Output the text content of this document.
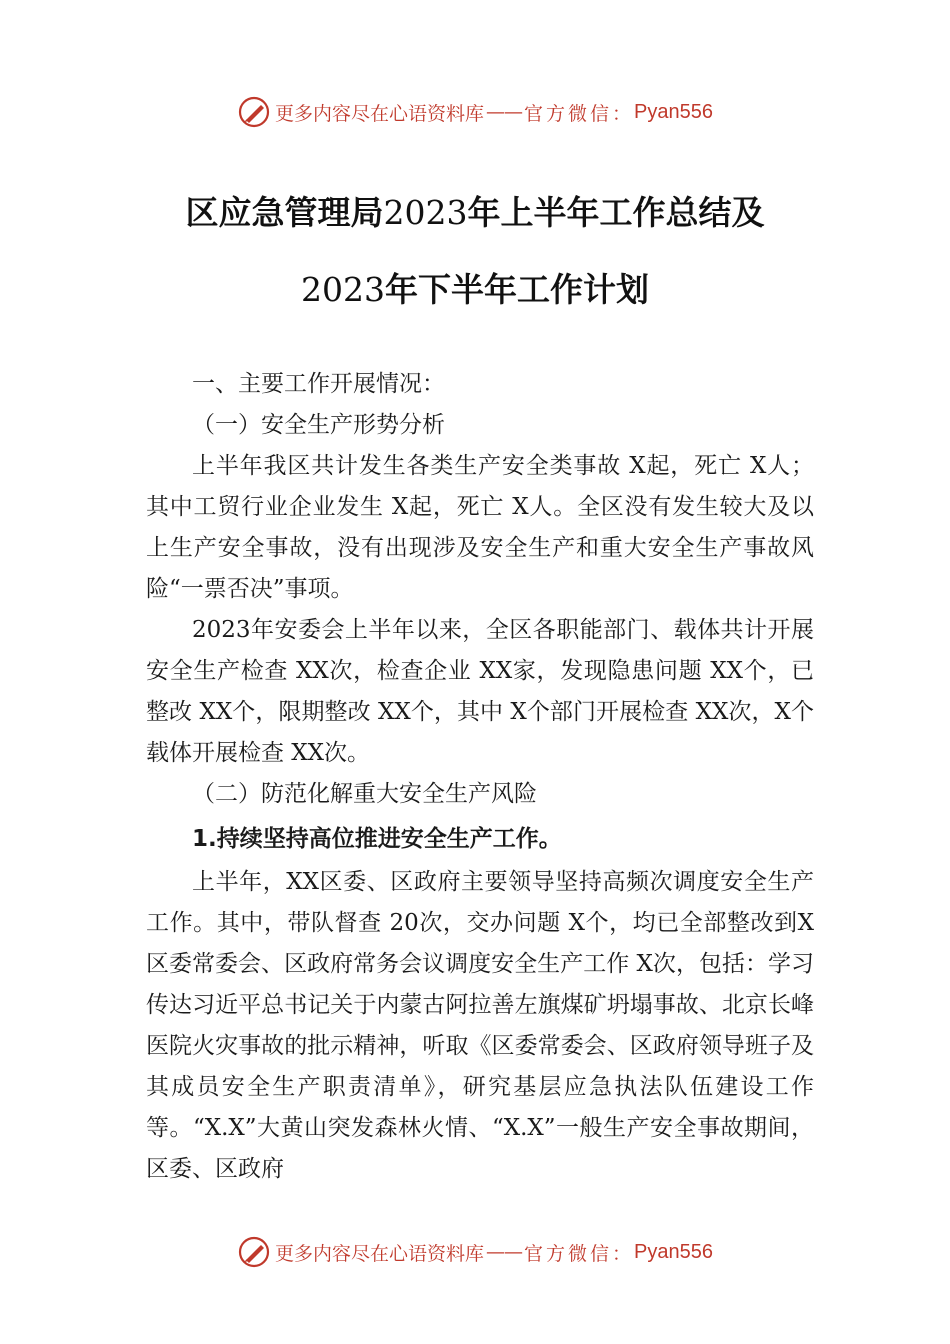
更多内容尽在心语资料库 —— 官方微信： Pyan556
区应急管理局2023年上半年工作总结及
2023年下半年工作计划

一、主要工作开展情况：

（一）安全生产形势分析

上半年我区共计发生各类生产安全类事故 X起，死亡 X人；其中工贸行业企业发生 X起，死亡 X人。全区没有发生较大及以上生产安全事故，没有出现涉及安全生产和重大安全生产事故风险“一票否决”事项。

2023年安委会上半年以来，全区各职能部门、载体共计开展安全生产检查 XX次，检查企业 XX家，发现隐患问题 XX个，已整改 XX个，限期整改 XX个，其中 X个部门开展检查 XX次，X个载体开展检查 XX次。

（二）防范化解重大安全生产风险

1.持续坚持高位推进安全生产工作。

上半年，XX区委、区政府主要领导坚持高频次调度安全生产工作。其中，带队督查 20次，交办问题 X个，均已全部整改到X区委常委会、区政府常务会议调度安全生产工作 X次，包括：学习传达习近平总书记关于内蒙古阿拉善左旗煤矿坍塌事故、北京长峰医院火灾事故的批示精神，听取《区委常委会、区政府领导班子及其成员安全生产职责清单》，研究基层应急执法队伍建设工作等。“X.X”大黄山突发森林火情、“X.X”一般生产安全事故期间，区委、区政府

更多内容尽在心语资料库 —— 官方微信： Pyan556
